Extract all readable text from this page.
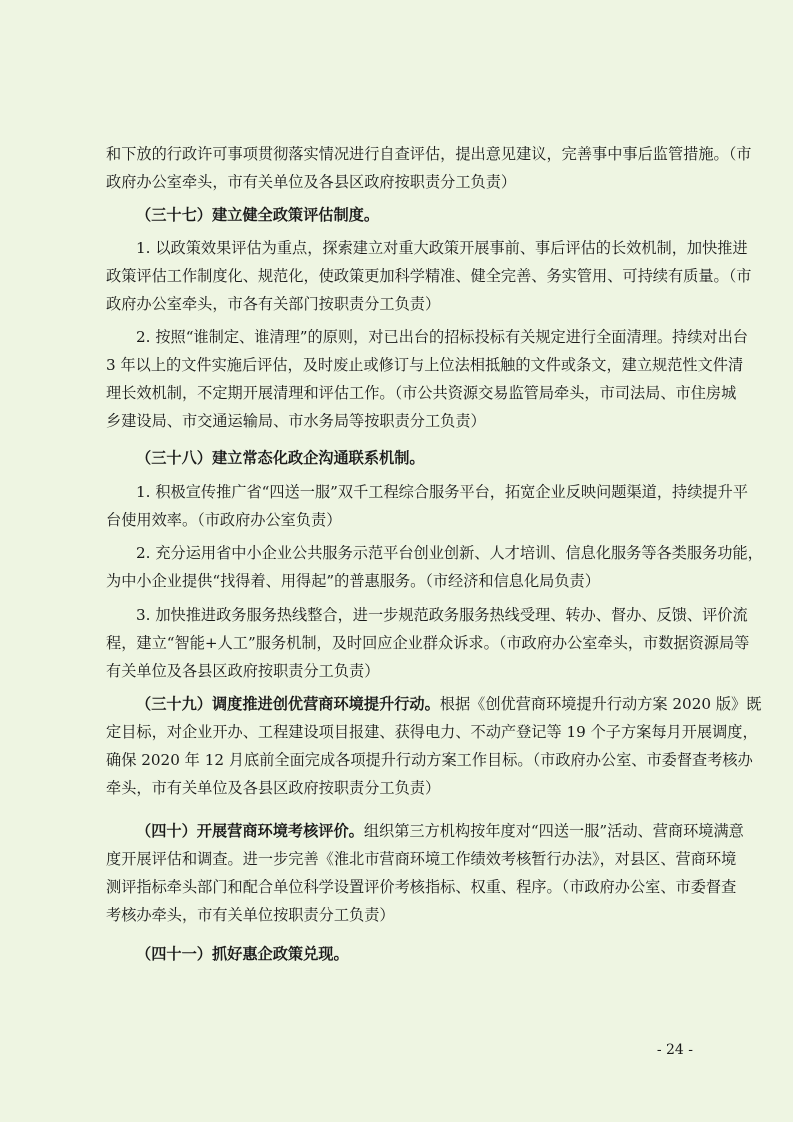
和下放的行政许可事项贯彻落实情况进行自查评估，提出意见建议，完善事中事后监管措施。（市
政府办公室牵头，市有关单位及各县区政府按职责分工负责）
（三十七）建立健全政策评估制度。
1. 以政策效果评估为重点，探索建立对重大政策开展事前、事后评估的长效机制，加快推进
政策评估工作制度化、规范化，使政策更加科学精准、健全完善、务实管用、可持续有质量。（市
政府办公室牵头，市各有关部门按职责分工负责）
2. 按照“谁制定、谁清理”的原则，对已出台的招标投标有关规定进行全面清理。持续对出台
3 年以上的文件实施后评估，及时废止或修订与上位法相抵触的文件或条文，建立规范性文件清
理长效机制，不定期开展清理和评估工作。（市公共资源交易监管局牵头，市司法局、市住房城
乡建设局、市交通运输局、市水务局等按职责分工负责）
（三十八）建立常态化政企沟通联系机制。
1. 积极宣传推广省“四送一服”双千工程综合服务平台，拓宽企业反映问题渠道，持续提升平
台使用效率。（市政府办公室负责）
2. 充分运用省中小企业公共服务示范平台创业创新、人才培训、信息化服务等各类服务功能，
为中小企业提供“找得着、用得起”的普惠服务。（市经济和信息化局负责）
3. 加快推进政务服务热线整合，进一步规范政务服务热线受理、转办、督办、反馈、评价流
程，建立“智能+人工”服务机制，及时回应企业群众诉求。（市政府办公室牵头，市数据资源局等
有关单位及各县区政府按职责分工负责）
（三十九）调度推进创优营商环境提升行动。根据《创优营商环境提升行动方案 2020 版》既
定目标，对企业开办、工程建设项目报建、获得电力、不动产登记等 19 个子方案每月开展调度，
确保 2020 年 12 月底前全面完成各项提升行动方案工作目标。（市政府办公室、市委督查考核办
牵头，市有关单位及各县区政府按职责分工负责）
（四十）开展营商环境考核评价。组织第三方机构按年度对“四送一服”活动、营商环境满意
度开展评估和调查。进一步完善《淮北市营商环境工作绩效考核暂行办法》，对县区、营商环境
测评指标牵头部门和配合单位科学设置评价考核指标、权重、程序。（市政府办公室、市委督查
考核办牵头，市有关单位按职责分工负责）
（四十一）抓好惠企政策兑现。
- 24 -
